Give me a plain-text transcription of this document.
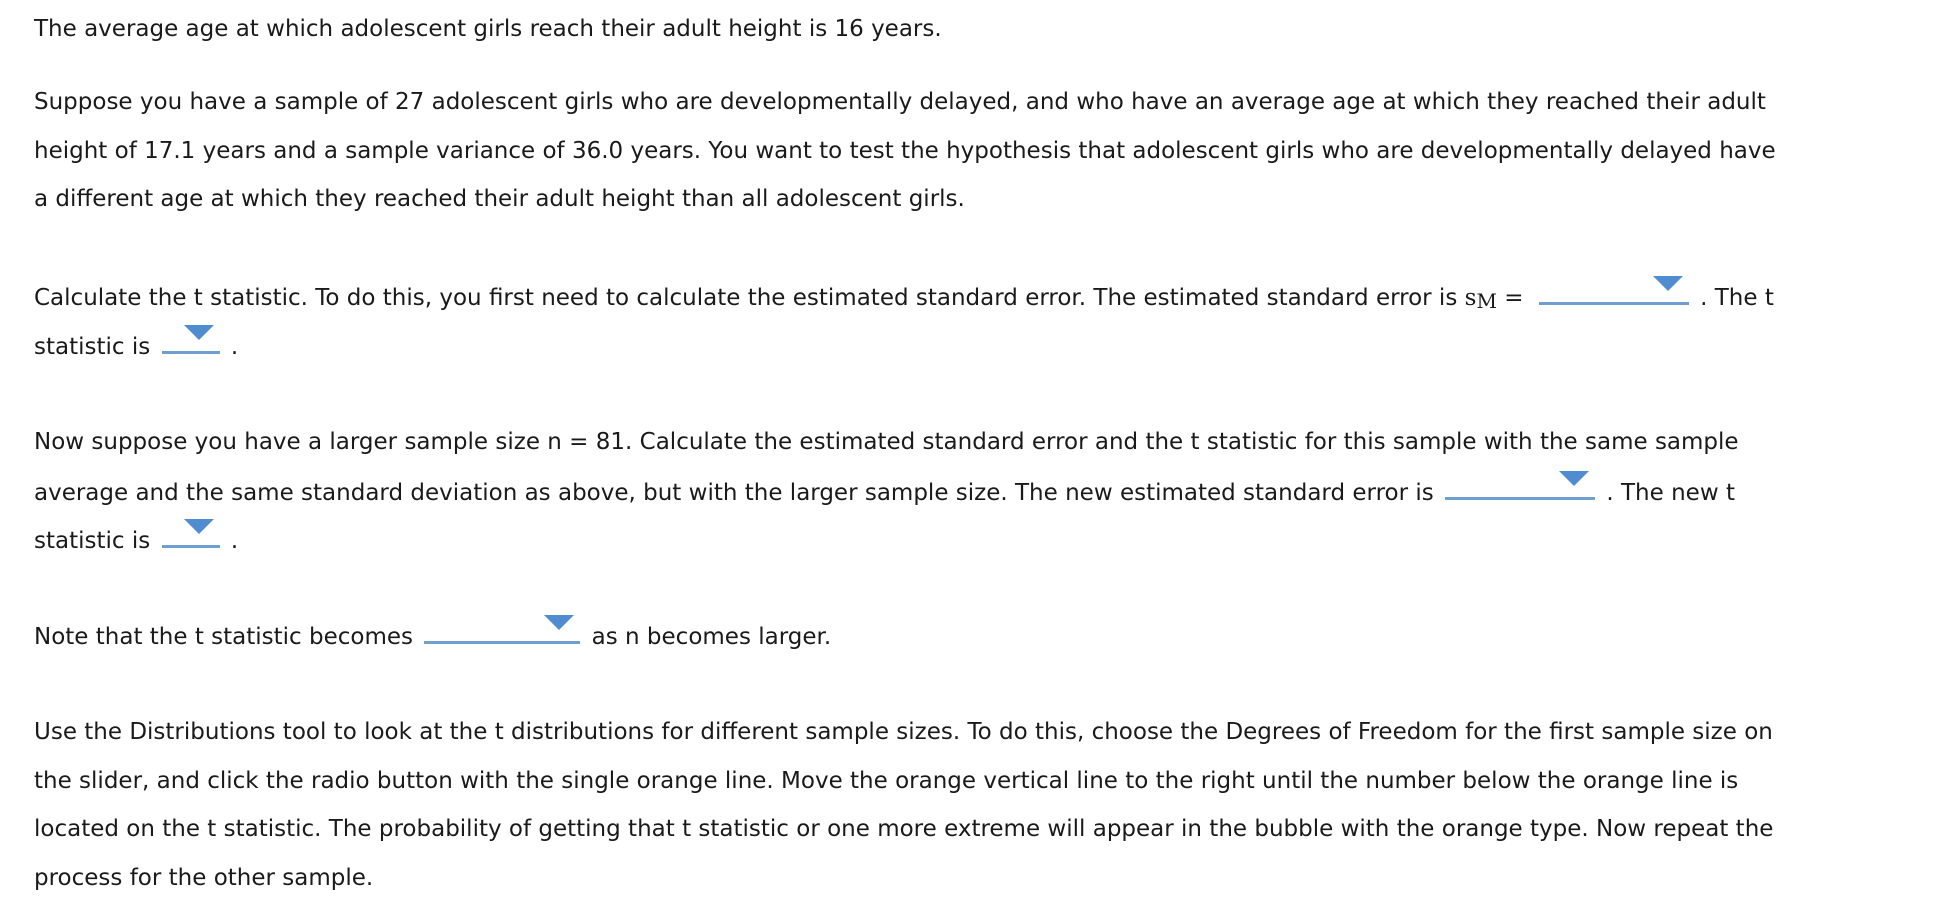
The average age at which adolescent girls reach their adult height is 16 years.
Suppose you have a sample of 27 adolescent girls who are developmentally delayed, and who have an average age at which they reached their adult
height of 17.1 years and a sample variance of 36.0 years. You want to test the hypothesis that adolescent girls who are developmentally delayed have
a different age at which they reached their adult height than all adolescent girls.
Calculate the t statistic. To do this, you first need to calculate the estimated standard error. The estimated standard error is sM =	. The t
statistic is	.
Now suppose you have a larger sample size n = 81. Calculate the estimated standard error and the t statistic for this sample with the same sample
average and the same standard deviation as above, but with the larger sample size. The new estimated standard error is	. The new t
statistic is	.
Note that the t statistic becomes	as n becomes larger.
Use the Distributions tool to look at the t distributions for different sample sizes. To do this, choose the Degrees of Freedom for the first sample size on
the slider, and click the radio button with the single orange line. Move the orange vertical line to the right until the number below the orange line is
located on the t statistic. The probability of getting that t statistic or one more extreme will appear in the bubble with the orange type. Now repeat the
process for the other sample.
